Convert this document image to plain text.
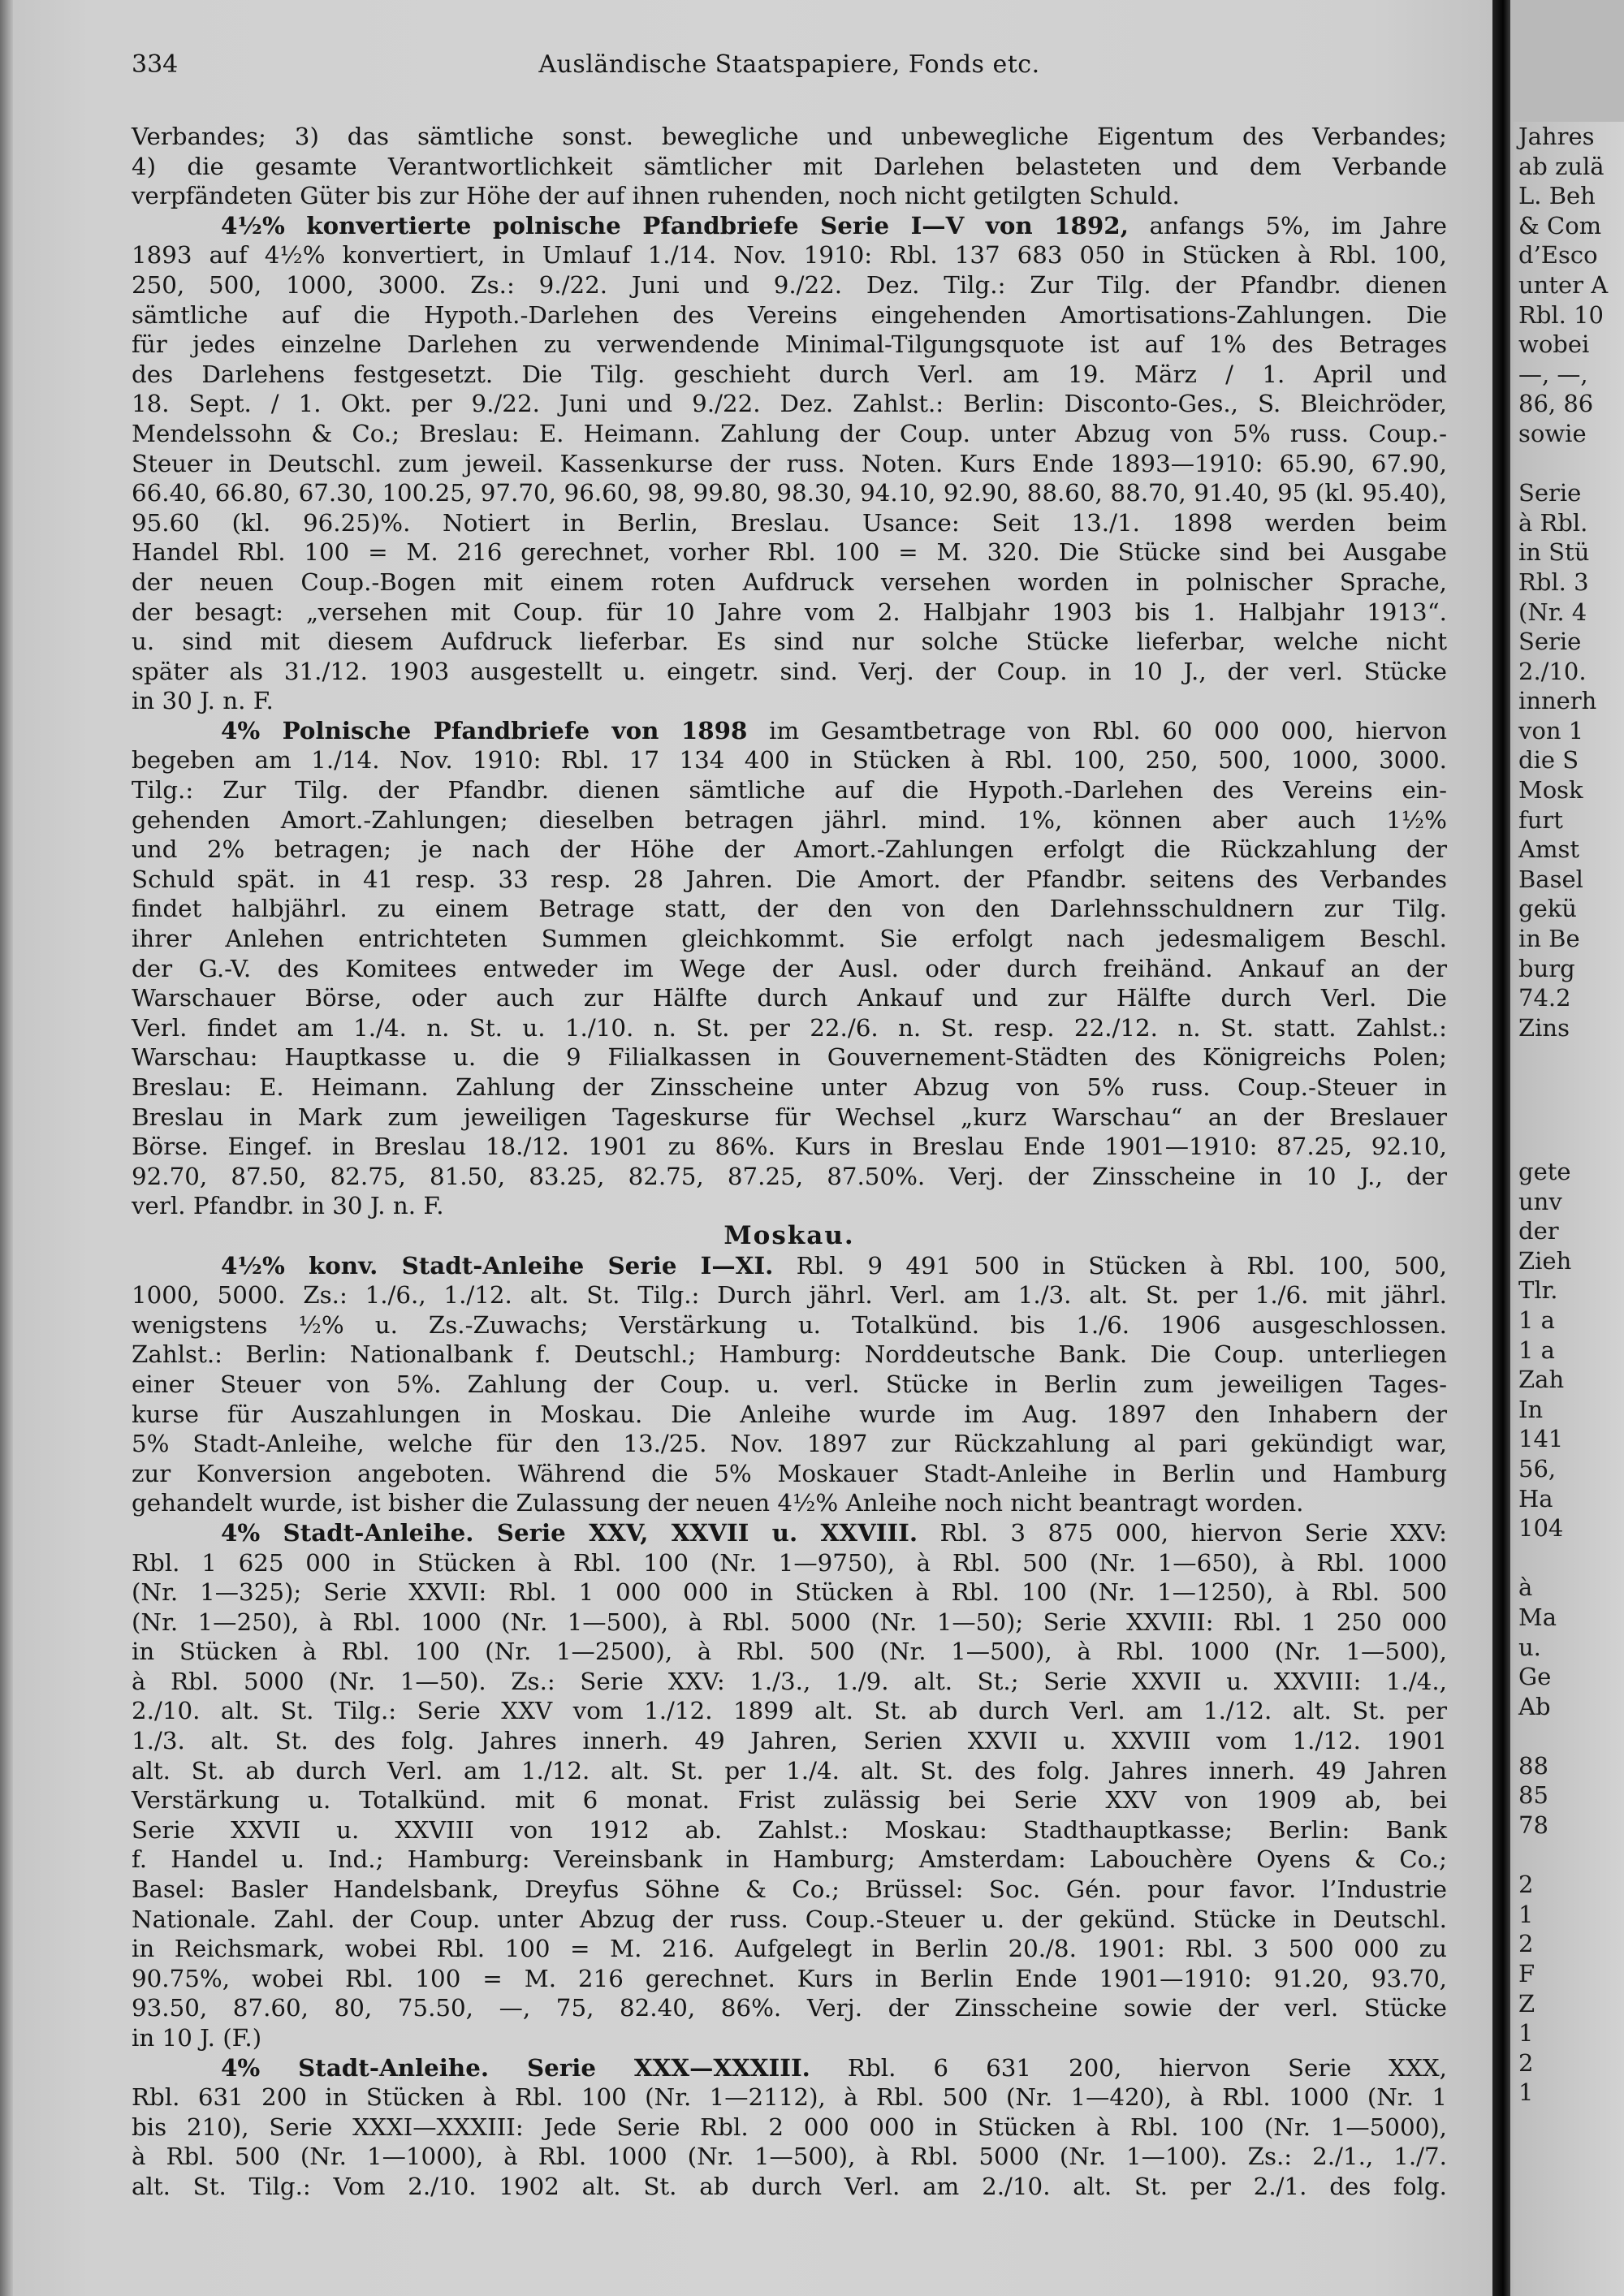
334	Ausländische Staatspapiere, Fonds etc.

Verbandes; 3) das sämtliche sonst. bewegliche und unbewegliche Eigentum des Verbandes;

4) die gesamte Verantwortlichkeit sämtlicher mit Darlehen belasteten und dem Verbande

verpfändeten Güter bis zur Höhe der auf ihnen ruhenden, noch nicht getilgten Schuld.

4½% konvertierte polnische Pfandbriefe Serie I—V von 1892, anfangs 5%, im Jahre

1893 auf 4½% konvertiert, in Umlauf 1./14. Nov. 1910: Rbl. 137 683 050 in Stücken à Rbl. 100,

250, 500, 1000, 3000. Zs.: 9./22. Juni und 9./22. Dez. Tilg.: Zur Tilg. der Pfandbr. dienen

sämtliche auf die Hypoth.-Darlehen des Vereins eingehenden Amortisations-Zahlungen. Die

für jedes einzelne Darlehen zu verwendende Minimal-Tilgungsquote ist auf 1% des Betrages

des Darlehens festgesetzt. Die Tilg. geschieht durch Verl. am 19. März / 1. April und

18. Sept. / 1. Okt. per 9./22. Juni und 9./22. Dez. Zahlst.: Berlin: Disconto-Ges., S. Bleichröder,

Mendelssohn & Co.; Breslau: E. Heimann. Zahlung der Coup. unter Abzug von 5% russ. Coup.-

Steuer in Deutschl. zum jeweil. Kassenkurse der russ. Noten. Kurs Ende 1893—1910: 65.90, 67.90,

66.40, 66.80, 67.30, 100.25, 97.70, 96.60, 98, 99.80, 98.30, 94.10, 92.90, 88.60, 88.70, 91.40, 95 (kl. 95.40),

95.60 (kl. 96.25)%. Notiert in Berlin, Breslau. Usance: Seit 13./1. 1898 werden beim

Handel Rbl. 100 = M. 216 gerechnet, vorher Rbl. 100 = M. 320. Die Stücke sind bei Ausgabe

der neuen Coup.-Bogen mit einem roten Aufdruck versehen worden in polnischer Sprache,

der besagt: „versehen mit Coup. für 10 Jahre vom 2. Halbjahr 1903 bis 1. Halbjahr 1913“.

u. sind mit diesem Aufdruck lieferbar. Es sind nur solche Stücke lieferbar, welche nicht

später als 31./12. 1903 ausgestellt u. eingetr. sind. Verj. der Coup. in 10 J., der verl. Stücke

in 30 J. n. F.

4% Polnische Pfandbriefe von 1898 im Gesamtbetrage von Rbl. 60 000 000, hiervon

begeben am 1./14. Nov. 1910: Rbl. 17 134 400 in Stücken à Rbl. 100, 250, 500, 1000, 3000.

Tilg.: Zur Tilg. der Pfandbr. dienen sämtliche auf die Hypoth.-Darlehen des Vereins ein-

gehenden Amort.-Zahlungen; dieselben betragen jährl. mind. 1%, können aber auch 1½%

und 2% betragen; je nach der Höhe der Amort.-Zahlungen erfolgt die Rückzahlung der

Schuld spät. in 41 resp. 33 resp. 28 Jahren. Die Amort. der Pfandbr. seitens des Verbandes

findet halbjährl. zu einem Betrage statt, der den von den Darlehnsschuldnern zur Tilg.

ihrer Anlehen entrichteten Summen gleichkommt. Sie erfolgt nach jedesmaligem Beschl.

der G.-V. des Komitees entweder im Wege der Ausl. oder durch freihänd. Ankauf an der

Warschauer Börse, oder auch zur Hälfte durch Ankauf und zur Hälfte durch Verl. Die

Verl. findet am 1./4. n. St. u. 1./10. n. St. per 22./6. n. St. resp. 22./12. n. St. statt. Zahlst.:

Warschau: Hauptkasse u. die 9 Filialkassen in Gouvernement-Städten des Königreichs Polen;

Breslau: E. Heimann. Zahlung der Zinsscheine unter Abzug von 5% russ. Coup.-Steuer in

Breslau in Mark zum jeweiligen Tageskurse für Wechsel „kurz Warschau“ an der Breslauer

Börse. Eingef. in Breslau 18./12. 1901 zu 86%. Kurs in Breslau Ende 1901—1910: 87.25, 92.10,

92.70, 87.50, 82.75, 81.50, 83.25, 82.75, 87.25, 87.50%. Verj. der Zinsscheine in 10 J., der

verl. Pfandbr. in 30 J. n. F.

Moskau.

4½% konv. Stadt-Anleihe Serie I—XI. Rbl. 9 491 500 in Stücken à Rbl. 100, 500,

1000, 5000. Zs.: 1./6., 1./12. alt. St. Tilg.: Durch jährl. Verl. am 1./3. alt. St. per 1./6. mit jährl.

wenigstens ½% u. Zs.-Zuwachs; Verstärkung u. Totalkünd. bis 1./6. 1906 ausgeschlossen.

Zahlst.: Berlin: Nationalbank f. Deutschl.; Hamburg: Norddeutsche Bank. Die Coup. unterliegen

einer Steuer von 5%. Zahlung der Coup. u. verl. Stücke in Berlin zum jeweiligen Tages-

kurse für Auszahlungen in Moskau. Die Anleihe wurde im Aug. 1897 den Inhabern der

5% Stadt-Anleihe, welche für den 13./25. Nov. 1897 zur Rückzahlung al pari gekündigt war,

zur Konversion angeboten. Während die 5% Moskauer Stadt-Anleihe in Berlin und Hamburg

gehandelt wurde, ist bisher die Zulassung der neuen 4½% Anleihe noch nicht beantragt worden.

4% Stadt-Anleihe. Serie XXV, XXVII u. XXVIII. Rbl. 3 875 000, hiervon Serie XXV:

Rbl. 1 625 000 in Stücken à Rbl. 100 (Nr. 1—9750), à Rbl. 500 (Nr. 1—650), à Rbl. 1000

(Nr. 1—325); Serie XXVII: Rbl. 1 000 000 in Stücken à Rbl. 100 (Nr. 1—1250), à Rbl. 500

(Nr. 1—250), à Rbl. 1000 (Nr. 1—500), à Rbl. 5000 (Nr. 1—50); Serie XXVIII: Rbl. 1 250 000

in Stücken à Rbl. 100 (Nr. 1—2500), à Rbl. 500 (Nr. 1—500), à Rbl. 1000 (Nr. 1—500),

à Rbl. 5000 (Nr. 1—50). Zs.: Serie XXV: 1./3., 1./9. alt. St.; Serie XXVII u. XXVIII: 1./4.,

2./10. alt. St. Tilg.: Serie XXV vom 1./12. 1899 alt. St. ab durch Verl. am 1./12. alt. St. per

1./3. alt. St. des folg. Jahres innerh. 49 Jahren, Serien XXVII u. XXVIII vom 1./12. 1901

alt. St. ab durch Verl. am 1./12. alt. St. per 1./4. alt. St. des folg. Jahres innerh. 49 Jahren

Verstärkung u. Totalkünd. mit 6 monat. Frist zulässig bei Serie XXV von 1909 ab, bei

Serie XXVII u. XXVIII von 1912 ab. Zahlst.: Moskau: Stadthauptkasse; Berlin: Bank

f. Handel u. Ind.; Hamburg: Vereinsbank in Hamburg; Amsterdam: Labouchère Oyens & Co.;

Basel: Basler Handelsbank, Dreyfus Söhne & Co.; Brüssel: Soc. Gén. pour favor. l’Industrie

Nationale. Zahl. der Coup. unter Abzug der russ. Coup.-Steuer u. der gekünd. Stücke in Deutschl.

in Reichsmark, wobei Rbl. 100 = M. 216. Aufgelegt in Berlin 20./8. 1901: Rbl. 3 500 000 zu

90.75%, wobei Rbl. 100 = M. 216 gerechnet. Kurs in Berlin Ende 1901—1910: 91.20, 93.70,

93.50, 87.60, 80, 75.50, —, 75, 82.40, 86%. Verj. der Zinsscheine sowie der verl. Stücke

in 10 J. (F.)

4% Stadt-Anleihe. Serie XXX—XXXIII. Rbl. 6 631 200, hiervon Serie XXX,

Rbl. 631 200 in Stücken à Rbl. 100 (Nr. 1—2112), à Rbl. 500 (Nr. 1—420), à Rbl. 1000 (Nr. 1

bis 210), Serie XXXI—XXXIII: Jede Serie Rbl. 2 000 000 in Stücken à Rbl. 100 (Nr. 1—5000),

à Rbl. 500 (Nr. 1—1000), à Rbl. 1000 (Nr. 1—500), à Rbl. 5000 (Nr. 1—100). Zs.: 2./1., 1./7.

alt. St. Tilg.: Vom 2./10. 1902 alt. St. ab durch Verl. am 2./10. alt. St. per 2./1. des folg.

Jahres
ab zulä
L. Beh
& Com
d’Esco
unter A
Rbl. 10
wobei
—, —,
86, 86
sowie

Serie
à Rbl.
in Stü
Rbl. 3
(Nr. 4
Serie
2./10.
innerh
von 1
die S
Mosk
furt
Amst
Basel
gekü
in Be
burg
74.2
Zins
gete
unv
der
Zieh
Tlr.
1 a
1 a
Zah
In
141
56,
Ha
104

à
Ma
u.
Ge
Ab

88
85
78

2
1
2
F
Z
1
2
1
